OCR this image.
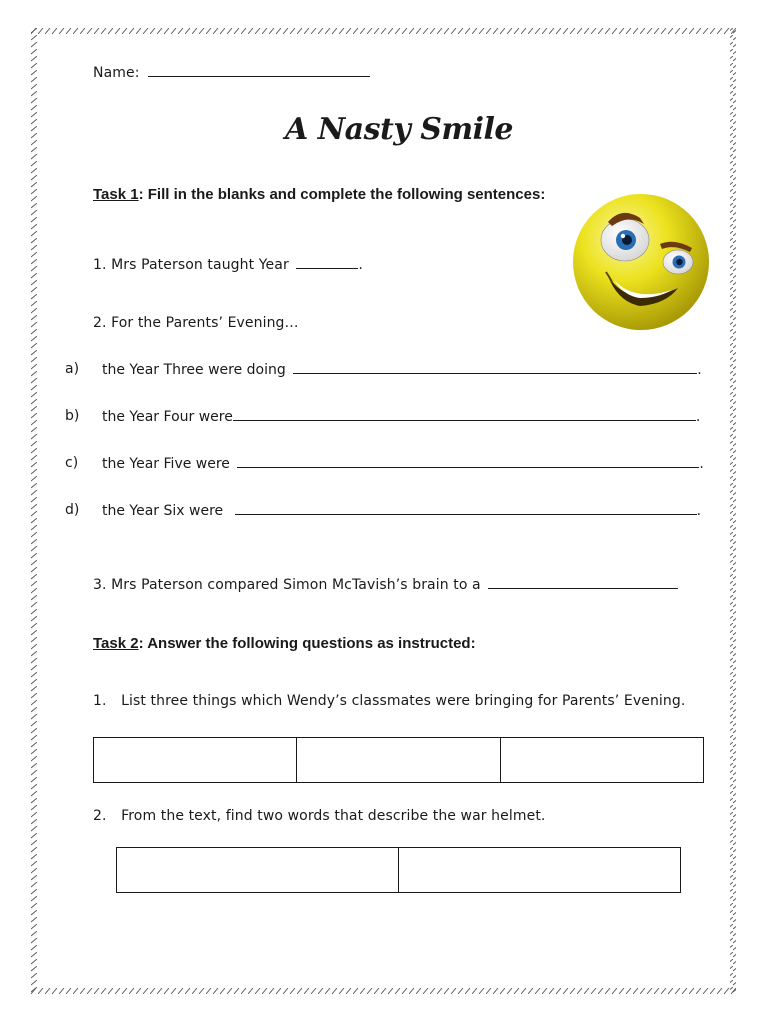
Name:
A Nasty Smile
Task 1: Fill in the blanks and complete the following sentences:
1. Mrs Paterson taught Year	.
2. For the Parents’ Evening…
a) the Year Three were doing	.
b) the Year Four were	.
c) the Year Five were	.
d) the Year Six were	.
3. Mrs Paterson compared Simon McTavish’s brain to a
Task 2: Answer the following questions as instructed:
1. List three things which Wendy’s classmates were bringing for Parents’ Evening.

2. From the text, find two words that describe the war helmet.
